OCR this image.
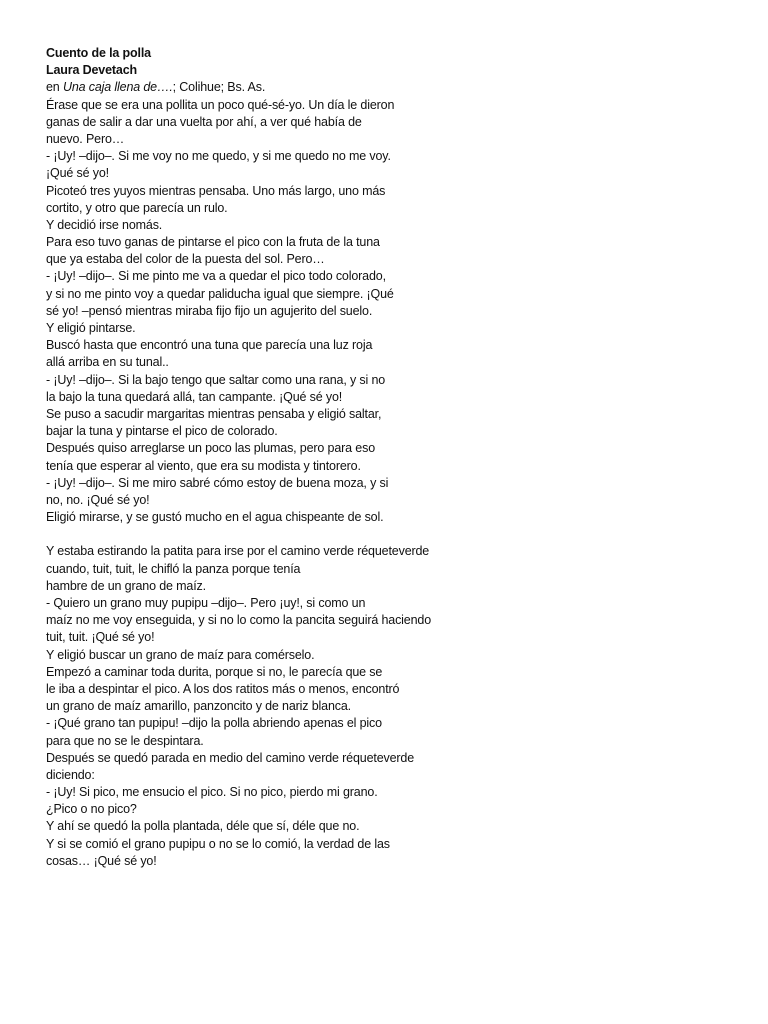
Cuento de la polla
Laura Devetach
en Una caja llena de….; Colihue; Bs. As.
Érase que se era una pollita un poco qué-sé-yo. Un día le dieron
ganas de salir a dar una vuelta por ahí, a ver qué había de
nuevo. Pero…
- ¡Uy! –dijo–. Si me voy no me quedo, y si me quedo no me voy.
¡Qué sé yo!
Picoteó tres yuyos mientras pensaba. Uno más largo, uno más
cortito, y otro que parecía un rulo.
Y decidió irse nomás.
Para eso tuvo ganas de pintarse el pico con la fruta de la tuna
que ya estaba del color de la puesta del sol. Pero…
- ¡Uy! –dijo–. Si me pinto me va a quedar el pico todo colorado,
y si no me pinto voy a quedar paliducha igual que siempre. ¡Qué
sé yo! –pensó mientras miraba fijo fijo un agujerito del suelo.
Y eligió pintarse.
Buscó hasta que encontró una tuna que parecía una luz roja
allá arriba en su tunal..
- ¡Uy! –dijo–. Si la bajo tengo que saltar como una rana, y si no
la bajo la tuna quedará allá, tan campante. ¡Qué sé yo!
Se puso a sacudir margaritas mientras pensaba y eligió saltar,
bajar la tuna y pintarse el pico de colorado.
Después quiso arreglarse un poco las plumas, pero para eso
tenía que esperar al viento, que era su modista y tintorero.
- ¡Uy! –dijo–. Si me miro sabré cómo estoy de buena moza, y si
no, no. ¡Qué sé yo!
Eligió mirarse, y se gustó mucho en el agua chispeante de sol.
Y estaba estirando la patita para irse por el camino verde réqueteverde
cuando, tuit, tuit, le chifló la panza porque tenía
hambre de un grano de maíz.
- Quiero un grano muy pupipu –dijo–. Pero ¡uy!, si como un
maíz no me voy enseguida, y si no lo como la pancita seguirá haciendo
tuit, tuit. ¡Qué sé yo!
Y eligió buscar un grano de maíz para comérselo.
Empezó a caminar toda durita, porque si no, le parecía que se
le iba a despintar el pico. A los dos ratitos más o menos, encontró
un grano de maíz amarillo, panzoncito y de nariz blanca.
- ¡Qué grano tan pupipu! –dijo la polla abriendo apenas el pico
para que no se le despintara.
Después se quedó parada en medio del camino verde réqueteverde
diciendo:
- ¡Uy! Si pico, me ensucio el pico. Si no pico, pierdo mi grano.
¿Pico o no pico?
Y ahí se quedó la polla plantada, déle que sí, déle que no.
Y si se comió el grano pupipu o no se lo comió, la verdad de las
cosas… ¡Qué sé yo!
